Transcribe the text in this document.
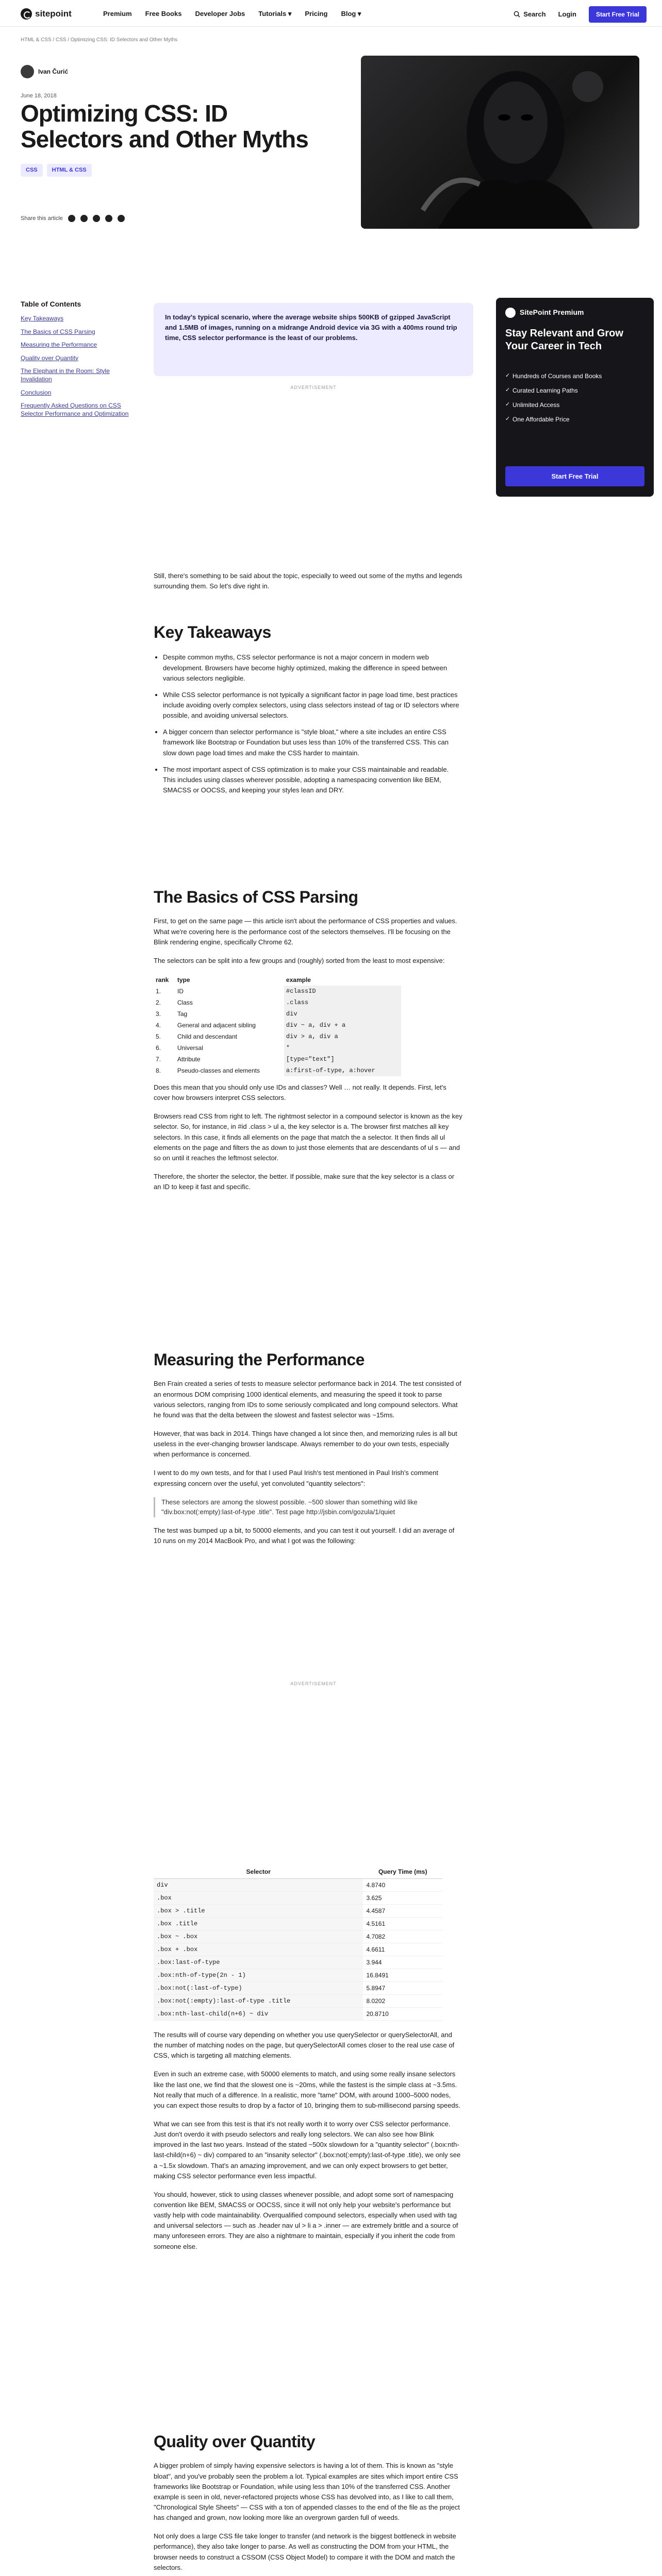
sitepoint	Premium Free Books Developer Jobs Tutorials ▾ Pricing Blog ▾	Search	Login	Start Free Trial
HTML & CSS / CSS / Optimizing CSS: ID Selectors and Other Myths
Ivan Čurić
June 18, 2018
Optimizing CSS: ID Selectors and Other Myths
CSS	HTML & CSS
Share this article
Table of Contents
Key Takeaways
The Basics of CSS Parsing
Measuring the Performance
Quality over Quantity
The Elephant in the Room: Style Invalidation
Conclusion
Frequently Asked Questions on CSS Selector Performance and Optimization
SitePoint Premium
Stay Relevant and Grow Your Career in Tech
✓ Hundreds of Courses and Books
✓ Curated Learning Paths
✓ Unlimited Access
✓ One Affordable Price
Start Free Trial
In today's typical scenario, where the average website ships 500KB of gzipped JavaScript and 1.5MB of images, running on a midrange Android device via 3G with a 400ms round trip time, CSS selector performance is the least of our problems.
ADVERTISEMENT

Still, there's something to be said about the topic, especially to weed out some of the myths and legends surrounding them. So let's dive right in.

Key Takeaways
• Despite common myths, CSS selector performance is not a major concern in modern web development. Browsers have become highly optimized, making the difference in speed between various selectors negligible.
• While CSS selector performance is not typically a significant factor in page load time, best practices include avoiding overly complex selectors, using class selectors instead of tag or ID selectors where possible, and avoiding universal selectors.
• A bigger concern than selector performance is "style bloat," where a site includes an entire CSS framework like Bootstrap or Foundation but uses less than 10% of the transferred CSS. This can slow down page load times and make the CSS harder to maintain.
• The most important aspect of CSS optimization is to make your CSS maintainable and readable. This includes using classes wherever possible, adopting a namespacing convention like BEM, SMACSS or OOCSS, and keeping your styles lean and DRY.
The Basics of CSS Parsing

First, to get on the same page — this article isn't about the performance of CSS properties and values. What we're covering here is the performance cost of the selectors themselves. I'll be focusing on the Blink rendering engine, specifically Chrome 62.

The selectors can be split into a few groups and (roughly) sorted from the least to most expensive:

rank	type	example
1.	ID	#classID
2.	Class	.class
3.	Tag	div
4.	General and adjacent sibling	div ~ a, div + a
5.	Child and descendant	div > a, div a
6.	Universal	*
7.	Attribute	[type="text"]
8.	Pseudo-classes and elements	a:first-of-type, a:hover

Does this mean that you should only use IDs and classes? Well … not really. It depends. First, let's cover how browsers interpret CSS selectors.

Browsers read CSS from right to left. The rightmost selector in a compound selector is known as the key selector. So, for instance, in #id .class > ul a, the key selector is a. The browser first matches all key selectors. In this case, it finds all elements on the page that match the a selector. It then finds all ul elements on the page and filters the as down to just those elements that are descendants of ul s — and so on until it reaches the leftmost selector.

Therefore, the shorter the selector, the better. If possible, make sure that the key selector is a class or an ID to keep it fast and specific.

Measuring the Performance

Ben Frain created a series of tests to measure selector performance back in 2014. The test consisted of an enormous DOM comprising 1000 identical elements, and measuring the speed it took to parse various selectors, ranging from IDs to some seriously complicated and long compound selectors. What he found was that the delta between the slowest and fastest selector was ~15ms.

However, that was back in 2014. Things have changed a lot since then, and memorizing rules is all but useless in the ever-changing browser landscape. Always remember to do your own tests, especially when performance is concerned.

I went to do my own tests, and for that I used Paul Irish's test mentioned in Paul Irish's comment expressing concern over the useful, yet convoluted "quantity selectors":

These selectors are among the slowest possible. ~500 slower than something wild like "div.box:not(:empty):last-of-type .title". Test page http://jsbin.com/gozula/1/quiet

The test was bumped up a bit, to 50000 elements, and you can test it out yourself. I did an average of 10 runs on my 2014 MacBook Pro, and what I got was the following:

ADVERTISEMENT
Selector	Query Time (ms)
div	4.8740
.box	3.625
.box > .title	4.4587
.box .title	4.5161
.box ~ .box	4.7082
.box + .box	4.6611
.box:last-of-type	3.944
.box:nth-of-type(2n - 1)	16.8491
.box:not(:last-of-type)	5.8947
.box:not(:empty):last-of-type .title	8.0202
.box:nth-last-child(n+6) ~ div	20.8710

The results will of course vary depending on whether you use querySelector or querySelectorAll, and the number of matching nodes on the page, but querySelectorAll comes closer to the real use case of CSS, which is targeting all matching elements.

Even in such an extreme case, with 50000 elements to match, and using some really insane selectors like the last one, we find that the slowest one is ~20ms, while the fastest is the simple class at ~3.5ms. Not really that much of a difference. In a realistic, more "tame" DOM, with around 1000–5000 nodes, you can expect those results to drop by a factor of 10, bringing them to sub-millisecond parsing speeds.

What we can see from this test is that it's not really worth it to worry over CSS selector performance. Just don't overdo it with pseudo selectors and really long selectors. We can also see how Blink improved in the last two years. Instead of the stated ~500x slowdown for a "quantity selector" (.box:nth-last-child(n+6) ~ div) compared to an "insanity selector" (.box:not(:empty):last-of-type .title), we only see a ~1.5x slowdown. That's an amazing improvement, and we can only expect browsers to get better, making CSS selector performance even less impactful.

You should, however, stick to using classes whenever possible, and adopt some sort of namespacing convention like BEM, SMACSS or OOCSS, since it will not only help your website's performance but vastly help with code maintainability. Overqualified compound selectors, especially when used with tag and universal selectors — such as .header nav ul > li a > .inner — are extremely brittle and a source of many unforeseen errors. They are also a nightmare to maintain, especially if you inherit the code from someone else.

Quality over Quantity

A bigger problem of simply having expensive selectors is having a lot of them. This is known as "style bloat", and you've probably seen the problem a lot. Typical examples are sites which import entire CSS frameworks like Bootstrap or Foundation, while using less than 10% of the transferred CSS. Another example is seen in old, never-refactored projects whose CSS has devolved into, as I like to call them, "Chronological Style Sheets" — CSS with a ton of appended classes to the end of the file as the project has changed and grown, now looking more like an overgrown garden full of weeds.

Not only does a large CSS file take longer to transfer (and network is the biggest bottleneck in website performance), they also take longer to parse. As well as constructing the DOM from your HTML, the browser needs to construct a CSSOM (CSS Object Model) to compare it with the DOM and match the selectors.
